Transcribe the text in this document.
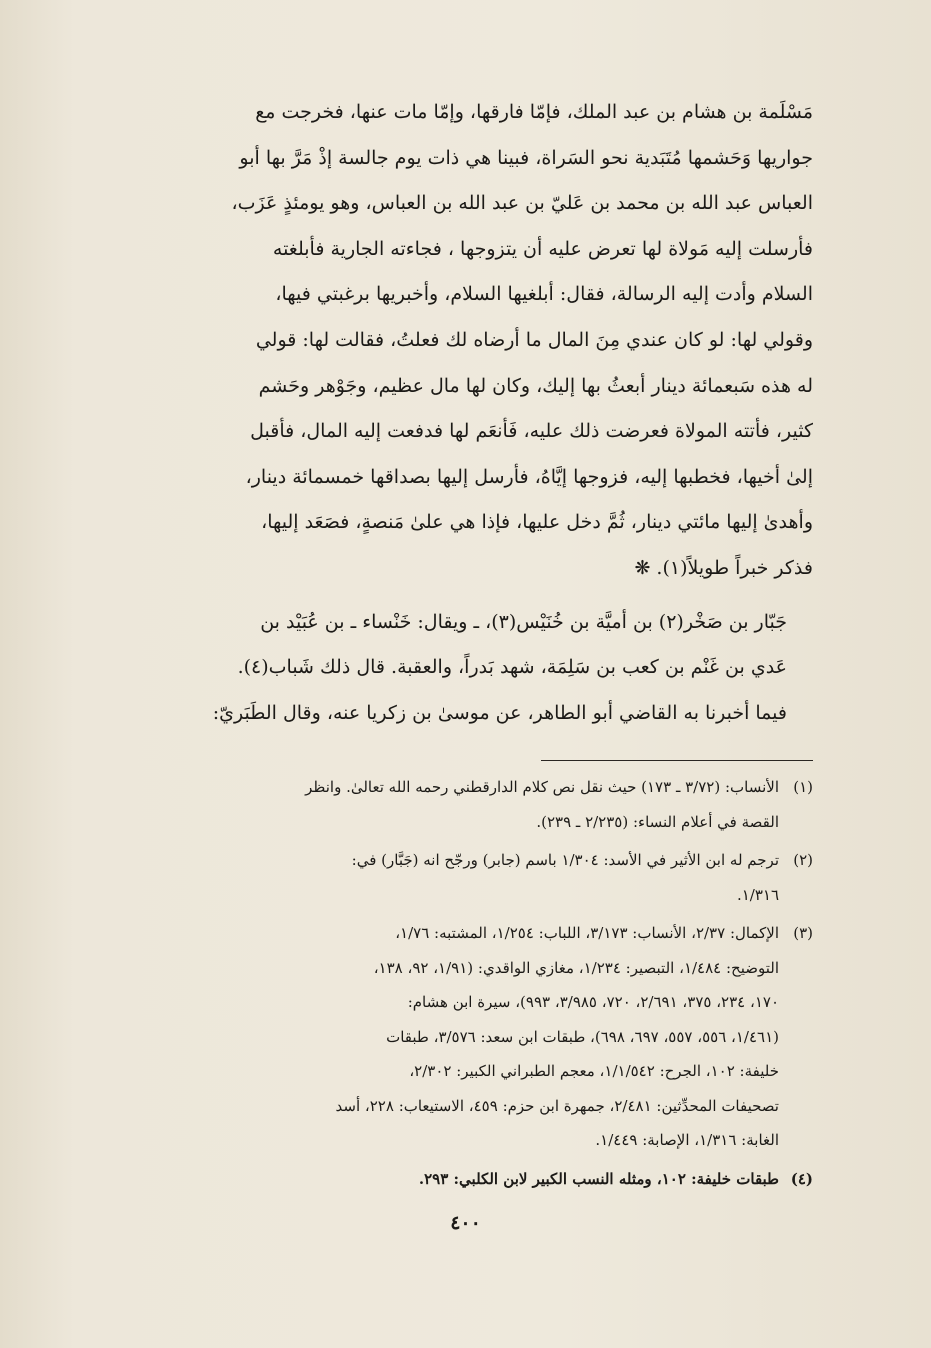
مَسْلَمة بن هشام بن عبد الملك، فإمّا فارقها، وإمّا مات عنها، فخرجت مع
جواريها وَحَشمها مُتَبَدية نحو السَراة، فبينا هي ذات يوم جالسة إذْ مَرَّ بها أبو
العباس عبد الله بن محمد بن عَليّ بن عبد الله بن العباس، وهو يومئذٍ عَزَب،
فأرسلت إليه مَولاة لها تعرض عليه أن يتزوجها ، فجاءته الجارية فأبلغته
السلام وأدت إليه الرسالة، فقال: أبلغيها السلام، وأخبريها برغبتي فيها،
وقولي لها: لو كان عندي مِنَ المال ما أرضاه لك فعلتُ، فقالت لها: قولي
له هذه سَبعمائة دينار أبعثُ بها إليك، وكان لها مال عظيم، وجَوْهر وحَشم
كثير، فأتته المولاة فعرضت ذلك عليه، فَأنعَم لها فدفعت إليه المال، فأقبل
إلىٰ أخيها، فخطبها إليه، فزوجها إيَّاهُ، فأرسل إليها بصداقها خمسمائة دينار،
وأهدىٰ إليها مائتي دينار، ثُمَّ دخل عليها، فإذا هي علىٰ مَنصةٍ، فصَعَد إليها،
فذكر خبراً طويلاً(١). ❋

جَبّار بن صَخْر(٢) بن أميَّة بن خُنَيْس(٣)، ـ ويقال: خَنْساء ـ بن عُبَيْد بن
عَدي بن غَنْم بن كعب بن سَلِمَة، شهد بَدراً، والعقبة. قال ذلك شَباب(٤).
فيما أخبرنا به القاضي أبو الطاهر، عن موسىٰ بن زكريا عنه، وقال الطَبَريّ:

(١)
الأنساب: (٣/٧٢ ـ ١٧٣) حيث نقل نص كلام الدارقطني رحمه الله تعالىٰ. وانظر
القصة في أعلام النساء: (٢/٢٣٥ ـ ٢٣٩).
(٢)
ترجم له ابن الأثير في الأسد: ١/٣٠٤ باسم (جابر) ورجّح انه (جَبَّار) في:
١/٣١٦.
(٣)
الإكمال: ٢/٣٧، الأنساب: ٣/١٧٣، اللباب: ١/٢٥٤، المشتبه: ١/٧٦،
التوضيح: ١/٤٨٤، التبصير: ١/٢٣٤، مغازي الواقدي: (١/٩١، ٩٢، ١٣٨،
١٧٠، ٢٣٤، ٣٧٥، ٢/٦٩١، ٧٢٠، ٣/٩٨٥، ٩٩٣)، سيرة ابن هشام:
(١/٤٦١، ٥٥٦، ٥٥٧، ٦٩٧، ٦٩٨)، طبقات ابن سعد: ٣/٥٧٦، طبقات
خليفة: ١٠٢، الجرح: ١/١/٥٤٢، معجم الطبراني الكبير: ٢/٣٠٢،
تصحيفات المحدِّثين: ٢/٤٨١، جمهرة ابن حزم: ٤٥٩، الاستيعاب: ٢٢٨، أسد
الغابة: ١/٣١٦، الإصابة: ١/٤٤٩.
(٤)
طبقات خليفة: ١٠٢، ومثله النسب الكبير لابن الكلبي: ٢٩٣.
٤٠٠
